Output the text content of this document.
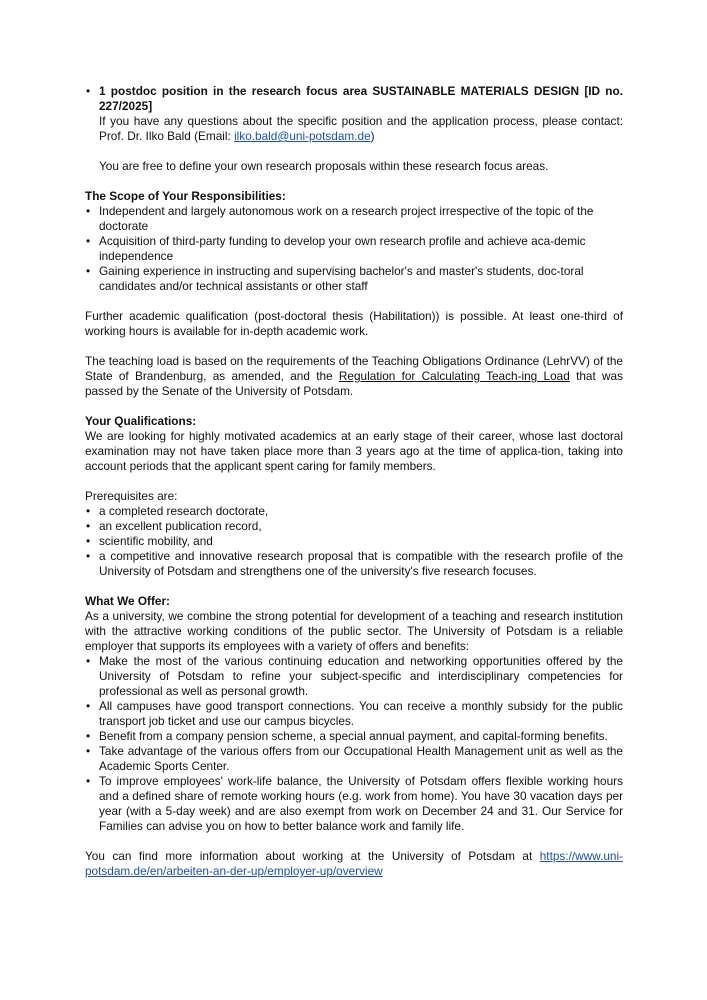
• 1 postdoc position in the research focus area SUSTAINABLE MATERIALS DESIGN [ID no. 227/2025]

If you have any questions about the specific position and the application process, please contact: Prof. Dr. Ilko Bald (Email: ilko.bald@uni-potsdam.de)

You are free to define your own research proposals within these research focus areas.

The Scope of Your Responsibilities:

• Independent and largely autonomous work on a research project irrespective of the topic of the doctorate
• Acquisition of third-party funding to develop your own research profile and achieve aca-demic independence
• Gaining experience in instructing and supervising bachelor's and master's students, doc-toral candidates and/or technical assistants or other staff

Further academic qualification (post-doctoral thesis (Habilitation)) is possible. At least one-third of working hours is available for in-depth academic work.

The teaching load is based on the requirements of the Teaching Obligations Ordinance (LehrVV) of the State of Brandenburg, as amended, and the Regulation for Calculating Teach-ing Load that was passed by the Senate of the University of Potsdam.

Your Qualifications:

We are looking for highly motivated academics at an early stage of their career, whose last doctoral examination may not have taken place more than 3 years ago at the time of applica-tion, taking into account periods that the applicant spent caring for family members.

Prerequisites are:

• a completed research doctorate,
• an excellent publication record,
• scientific mobility, and
• a competitive and innovative research proposal that is compatible with the research profile of the University of Potsdam and strengthens one of the university's five research focuses.

What We Offer:

As a university, we combine the strong potential for development of a teaching and research institution with the attractive working conditions of the public sector. The University of Potsdam is a reliable employer that supports its employees with a variety of offers and benefits:

• Make the most of the various continuing education and networking opportunities offered by the University of Potsdam to refine your subject-specific and interdisciplinary competencies for professional as well as personal growth.
• All campuses have good transport connections. You can receive a monthly subsidy for the public transport job ticket and use our campus bicycles.
• Benefit from a company pension scheme, a special annual payment, and capital-forming benefits.
• Take advantage of the various offers from our Occupational Health Management unit as well as the Academic Sports Center.
• To improve employees' work-life balance, the University of Potsdam offers flexible working hours and a defined share of remote working hours (e.g. work from home). You have 30 vacation days per year (with a 5-day week) and are also exempt from work on December 24 and 31. Our Service for Families can advise you on how to better balance work and family life.

You can find more information about working at the University of Potsdam at https://www.uni-potsdam.de/en/arbeiten-an-der-up/employer-up/overview
